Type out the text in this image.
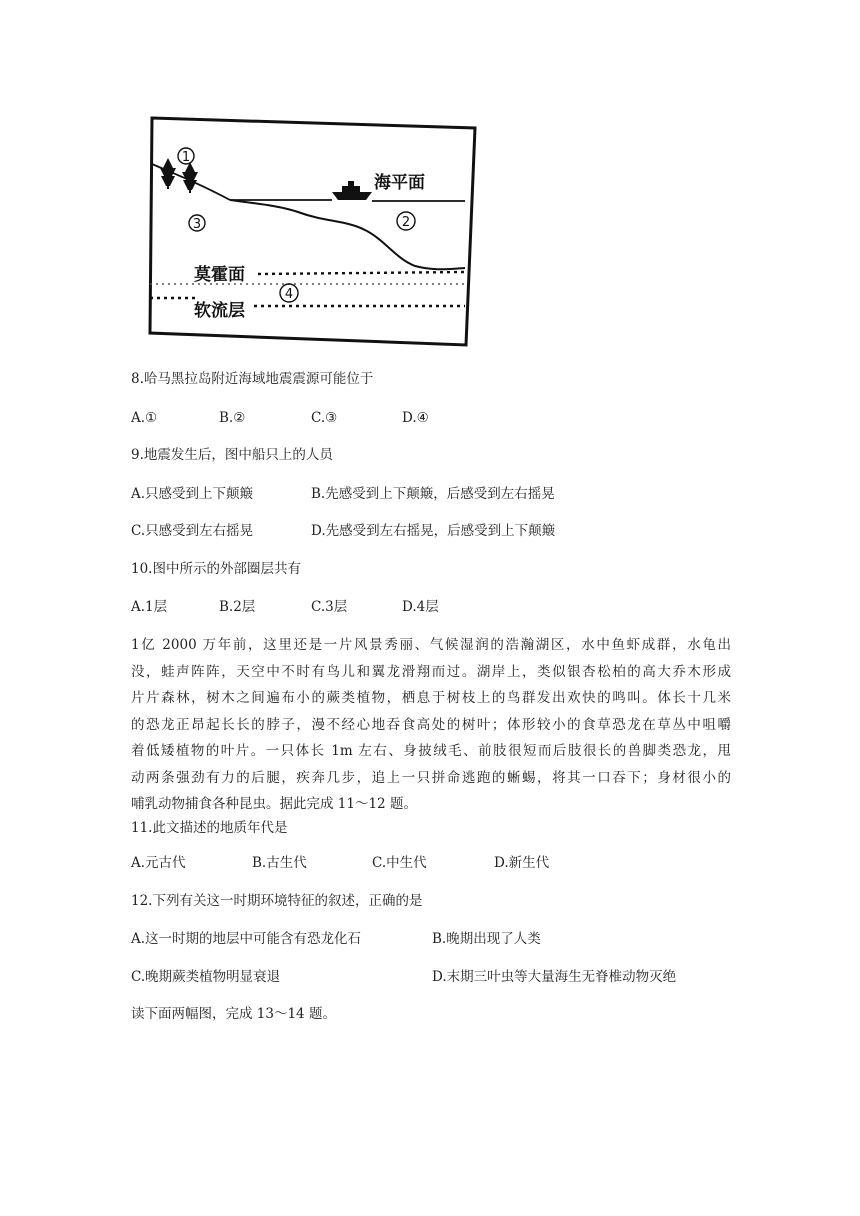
海平面
莫霍面
软流层
1
2
3
4
8.哈马黑拉岛附近海域地震震源可能位于
A.①	B.②	C.③	D.④
9.地震发生后，图中船只上的人员
A.只感受到上下颠簸	B.先感受到上下颠簸，后感受到左右摇晃
C.只感受到左右摇晃	D.先感受到左右摇晃，后感受到上下颠簸
10.图中所示的外部圈层共有
A.1层	B.2层	C.3层	D.4层
1亿 2000 万年前，这里还是一片风景秀丽、气候湿润的浩瀚湖区，水中鱼虾成群，水龟出
没，蛙声阵阵，天空中不时有鸟儿和翼龙滑翔而过。湖岸上，类似银杏松柏的高大乔木形成
片片森林，树木之间遍布小的蕨类植物，栖息于树枝上的鸟群发出欢快的鸣叫。体长十几米
的恐龙正昂起长长的脖子，漫不经心地吞食高处的树叶；体形较小的食草恐龙在草丛中咀嚼
着低矮植物的叶片。一只体长 1m 左右、身披绒毛、前肢很短而后肢很长的兽脚类恐龙，甩
动两条强劲有力的后腿，疾奔几步，追上一只拼命逃跑的蜥蜴，将其一口吞下；身材很小的
哺乳动物捕食各种昆虫。据此完成 11～12 题。
11.此文描述的地质年代是
A.元古代	B.古生代	C.中生代	D.新生代
12.下列有关这一时期环境特征的叙述，正确的是
A.这一时期的地层中可能含有恐龙化石	B.晚期出现了人类
C.晚期蕨类植物明显衰退	D.末期三叶虫等大量海生无脊椎动物灭绝
读下面两幅图，完成 13～14 题。
